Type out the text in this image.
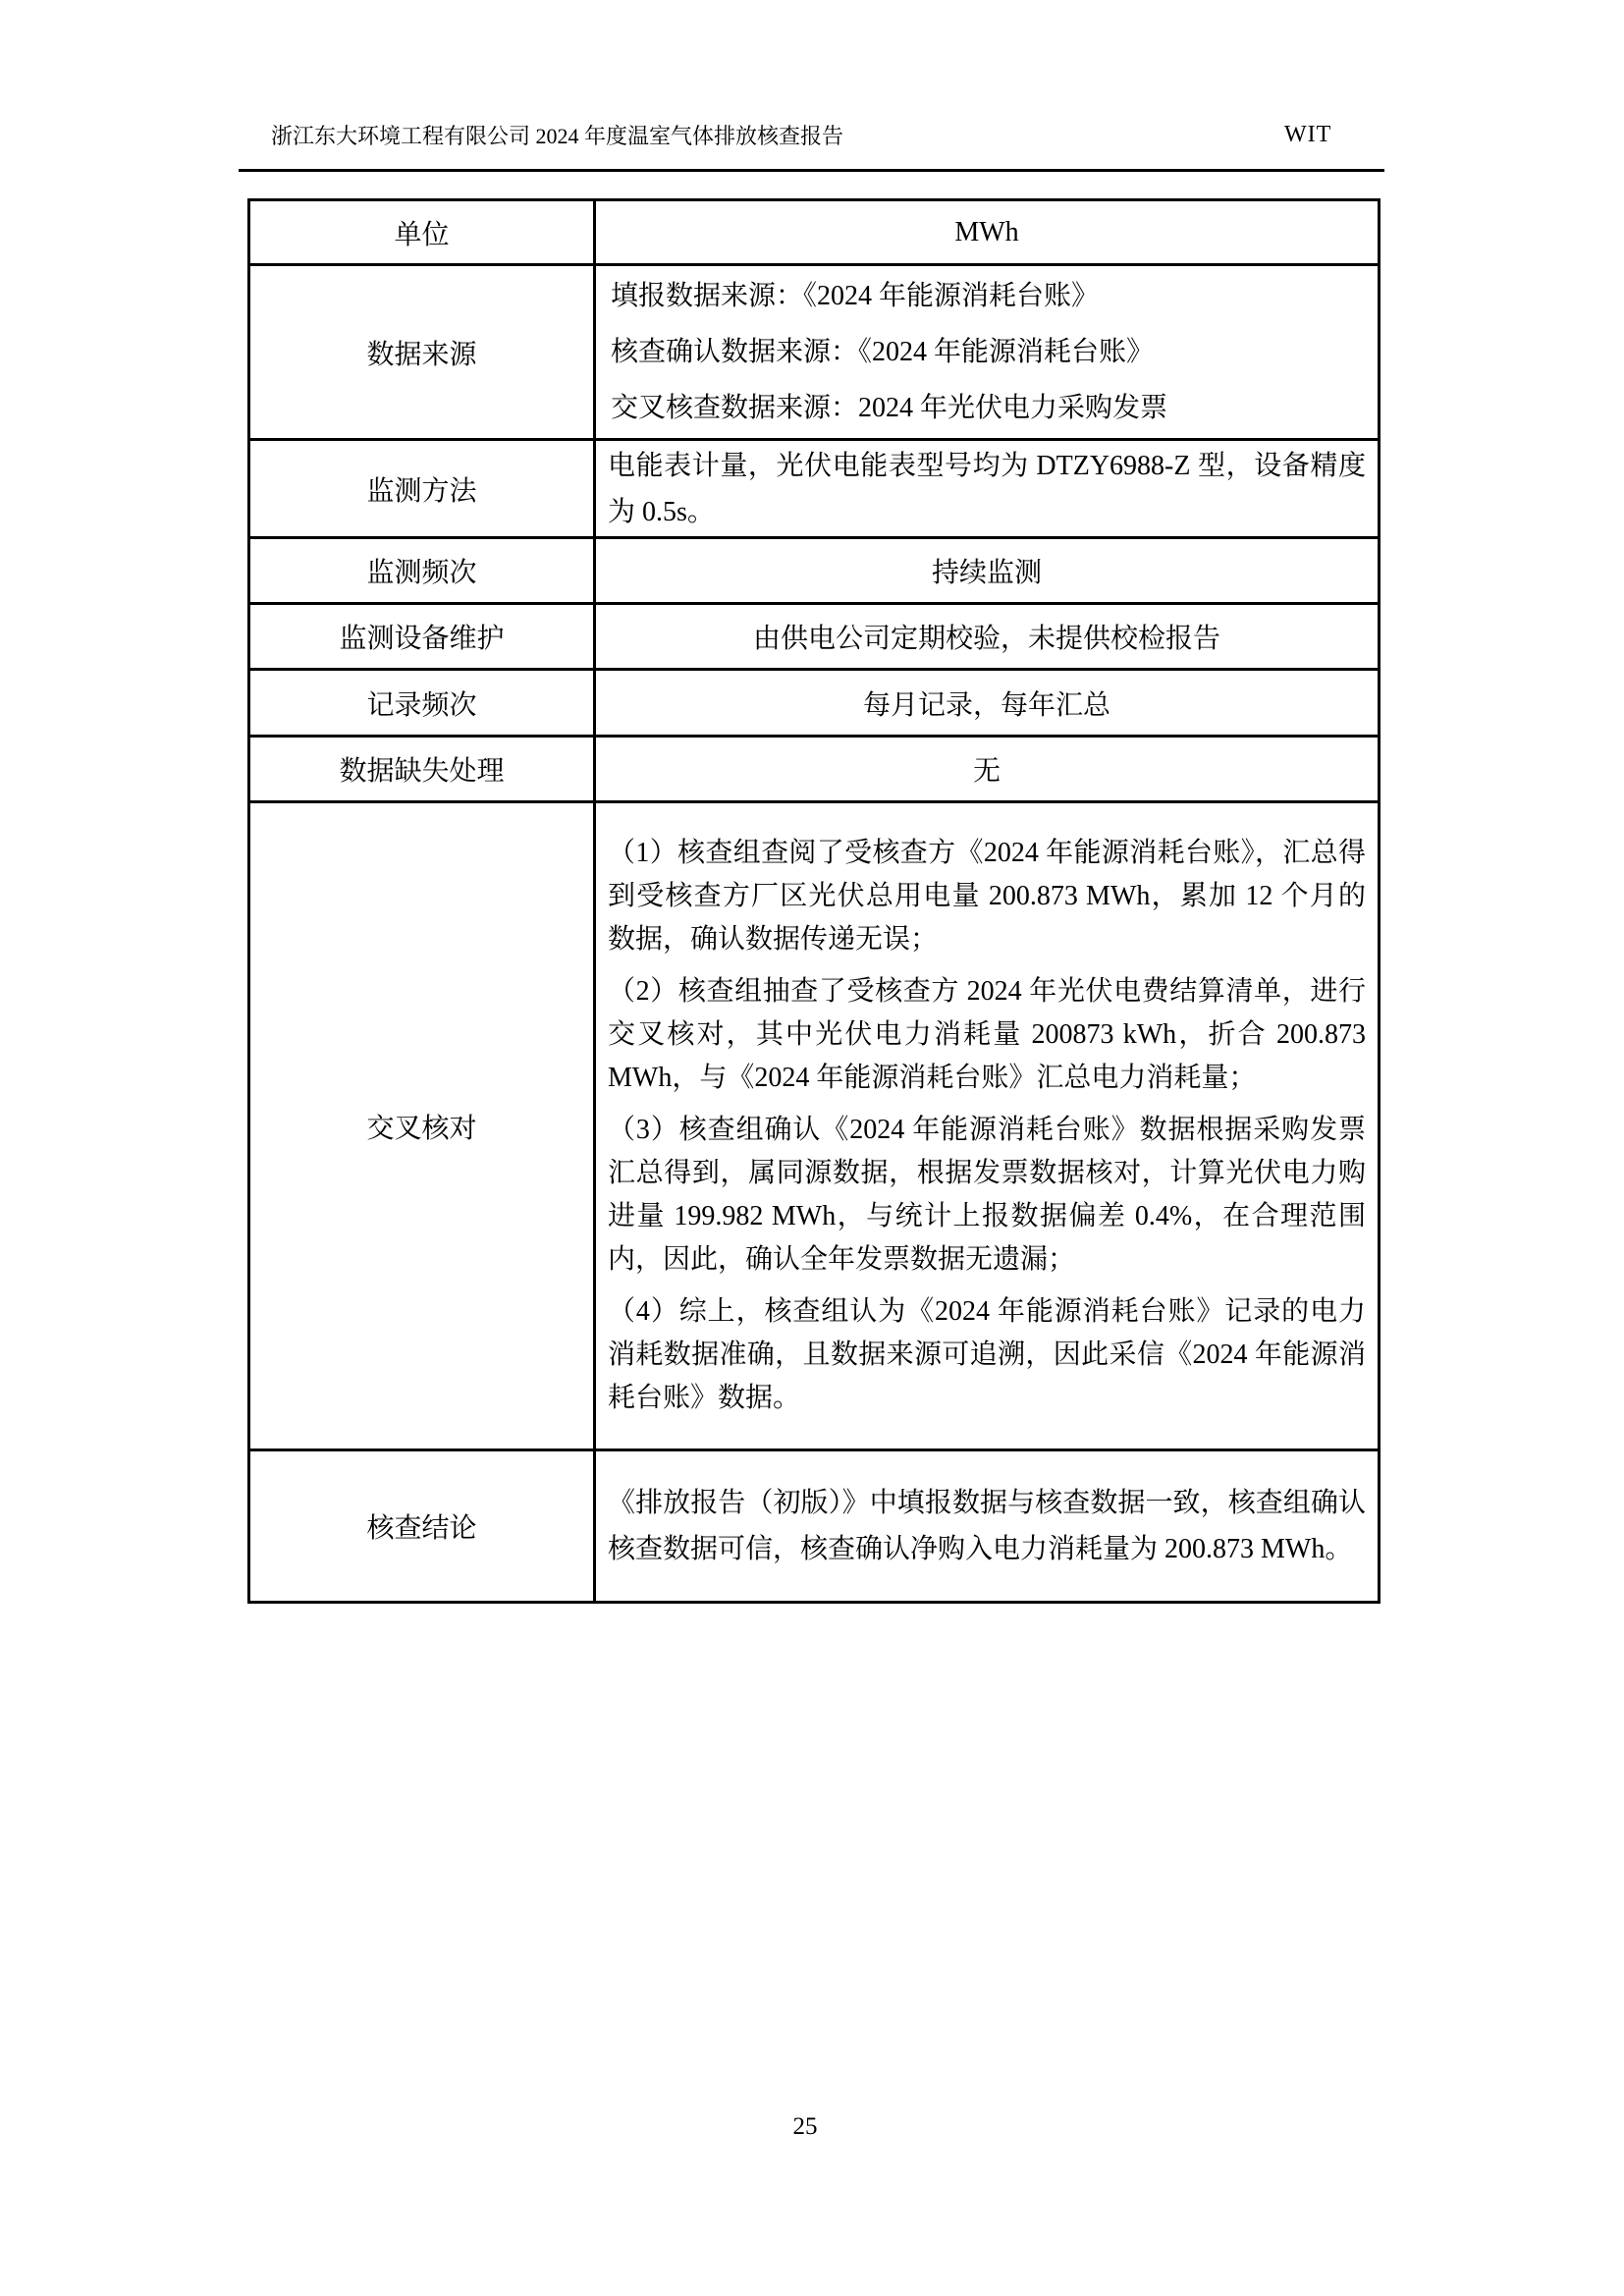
浙江东大环境工程有限公司 2024 年度温室气体排放核查报告	WIT
单位	MWh
数据来源	填报数据来源：《2024 年能源消耗台账》

核查确认数据来源：《2024 年能源消耗台账》

交叉核查数据来源：2024 年光伏电力采购发票

监测方法	电能表计量，光伏电能表型号均为 DTZY6988-Z 型，设备精度为 0.5s。

监测频次	持续监测
监测设备维护	由供电公司定期校验，未提供校检报告
记录频次	每月记录，每年汇总
数据缺失处理	无
交叉核对	（1）核查组查阅了受核查方《2024 年能源消耗台账》，汇总得到受核查方厂区光伏总用电量 200.873 MWh，累加 12 个月的数据，确认数据传递无误；

（2）核查组抽查了受核查方 2024 年光伏电费结算清单，进行交叉核对，其中光伏电力消耗量 200873 kWh，折合 200.873 MWh，与《2024 年能源消耗台账》汇总电力消耗量；

（3）核查组确认《2024 年能源消耗台账》数据根据采购发票汇总得到，属同源数据，根据发票数据核对，计算光伏电力购进量 199.982 MWh，与统计上报数据偏差 0.4%，在合理范围内，因此，确认全年发票数据无遗漏；

（4）综上，核查组认为《2024 年能源消耗台账》记录的电力消耗数据准确，且数据来源可追溯，因此采信《2024 年能源消耗台账》数据。

核查结论	《排放报告（初版）》中填报数据与核查数据一致，核查组确认核查数据可信，核查确认净购入电力消耗量为 200.873 MWh。

25
